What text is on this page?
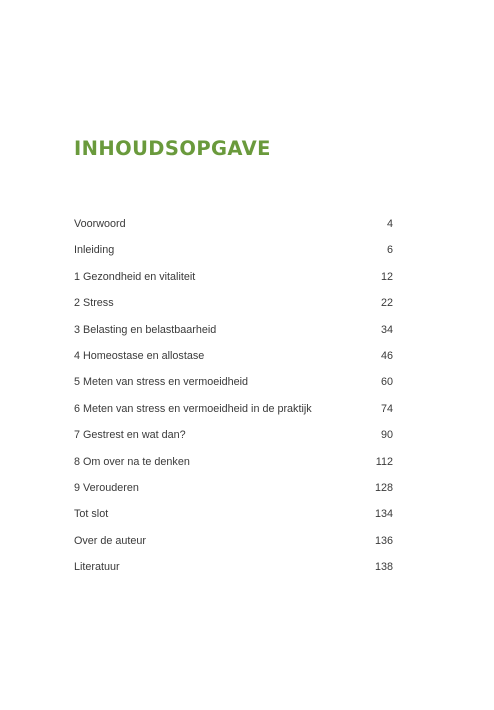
INHOUDSOPGAVE
Voorwoord	4
Inleiding	6
1 Gezondheid en vitaliteit	12
2 Stress	22
3 Belasting en belastbaarheid	34
4 Homeostase en allostase	46
5 Meten van stress en vermoeidheid	60
6 Meten van stress en vermoeidheid in de praktijk	74
7 Gestrest en wat dan?	90
8 Om over na te denken	112
9 Verouderen	128
Tot slot	134
Over de auteur	136
Literatuur	138
